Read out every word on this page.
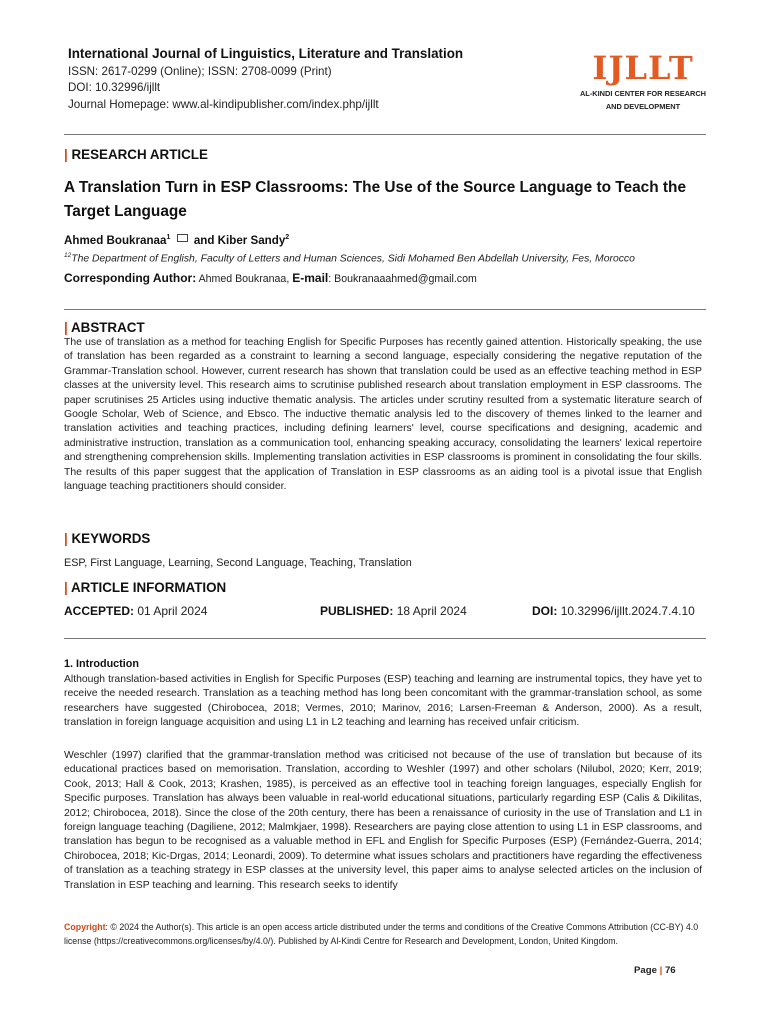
International Journal of Linguistics, Literature and Translation
ISSN: 2617-0299 (Online); ISSN: 2708-0099 (Print)
DOI: 10.32996/ijllt
Journal Homepage: www.al-kindipublisher.com/index.php/ijllt
IJLLT
AL-KINDI CENTER FOR RESEARCH
AND DEVELOPMENT
| RESEARCH ARTICLE
A Translation Turn in ESP Classrooms: The Use of the Source Language to Teach the Target Language
Ahmed Boukranaa$^1$ and Kiber Sandy$^2$
$^{12}$The Department of English, Faculty of Letters and Human Sciences, Sidi Mohamed Ben Abdellah University, Fes, Morocco
Corresponding Author: Ahmed Boukranaa, E-mail: Boukranaaahmed@gmail.com
| ABSTRACT
The use of translation as a method for teaching English for Specific Purposes has recently gained attention. Historically speaking, the use of translation has been regarded as a constraint to learning a second language, especially considering the negative reputation of the Grammar-Translation school. However, current research has shown that translation could be used as an effective teaching method in ESP classes at the university level. This research aims to scrutinise published research about translation employment in ESP classrooms. The paper scrutinises 25 Articles using inductive thematic analysis. The articles under scrutiny resulted from a systematic literature search of Google Scholar, Web of Science, and Ebsco. The inductive thematic analysis led to the discovery of themes linked to the learner and translation activities and teaching practices, including defining learners' level, course specifications and designing, academic and administrative instruction, translation as a communication tool, enhancing speaking accuracy, consolidating the learners' lexical repertoire and strengthening comprehension skills. Implementing translation activities in ESP classrooms is prominent in consolidating the four skills. The results of this paper suggest that the application of Translation in ESP classrooms as an aiding tool is a pivotal issue that English language teaching practitioners should consider.
| KEYWORDS
ESP, First Language, Learning, Second Language, Teaching, Translation
| ARTICLE INFORMATION
ACCEPTED: 01 April 2024	PUBLISHED: 18 April 2024	DOI: 10.32996/ijllt.2024.7.4.10
1. Introduction
Although translation-based activities in English for Specific Purposes (ESP) teaching and learning are instrumental topics, they have yet to receive the needed research. Translation as a teaching method has long been concomitant with the grammar-translation school, as some researchers have suggested (Chirobocea, 2018; Vermes, 2010; Marinov, 2016; Larsen-Freeman & Anderson, 2000). As a result, translation in foreign language acquisition and using L1 in L2 teaching and learning has received unfair criticism.
Weschler (1997) clarified that the grammar-translation method was criticised not because of the use of translation but because of its educational practices based on memorisation. Translation, according to Weshler (1997) and other scholars (Nilubol, 2020; Kerr, 2019; Cook, 2013; Hall & Cook, 2013; Krashen, 1985), is perceived as an effective tool in teaching foreign languages, especially English for Specific purposes. Translation has always been valuable in real-world educational situations, particularly regarding ESP (Calis & Dikilitas, 2012; Chirobocea, 2018). Since the close of the 20th century, there has been a renaissance of curiosity in the use of Translation and L1 in foreign language teaching (Dagiliene, 2012; Malmkjaer, 1998). Researchers are paying close attention to using L1 in ESP classrooms, and translation has begun to be recognised as a valuable method in EFL and English for Specific Purposes (ESP) (Fernández-Guerra, 2014; Chirobocea, 2018; Kic-Drgas, 2014; Leonardi, 2009). To determine what issues scholars and practitioners have regarding the effectiveness of translation as a teaching strategy in ESP classes at the university level, this paper aims to analyse selected articles on the inclusion of Translation in ESP teaching and learning. This research seeks to identify
Copyright: © 2024 the Author(s). This article is an open access article distributed under the terms and conditions of the Creative Commons Attribution (CC-BY) 4.0 license (https://creativecommons.org/licenses/by/4.0/). Published by Al-Kindi Centre for Research and Development, London, United Kingdom.
Page | 76
